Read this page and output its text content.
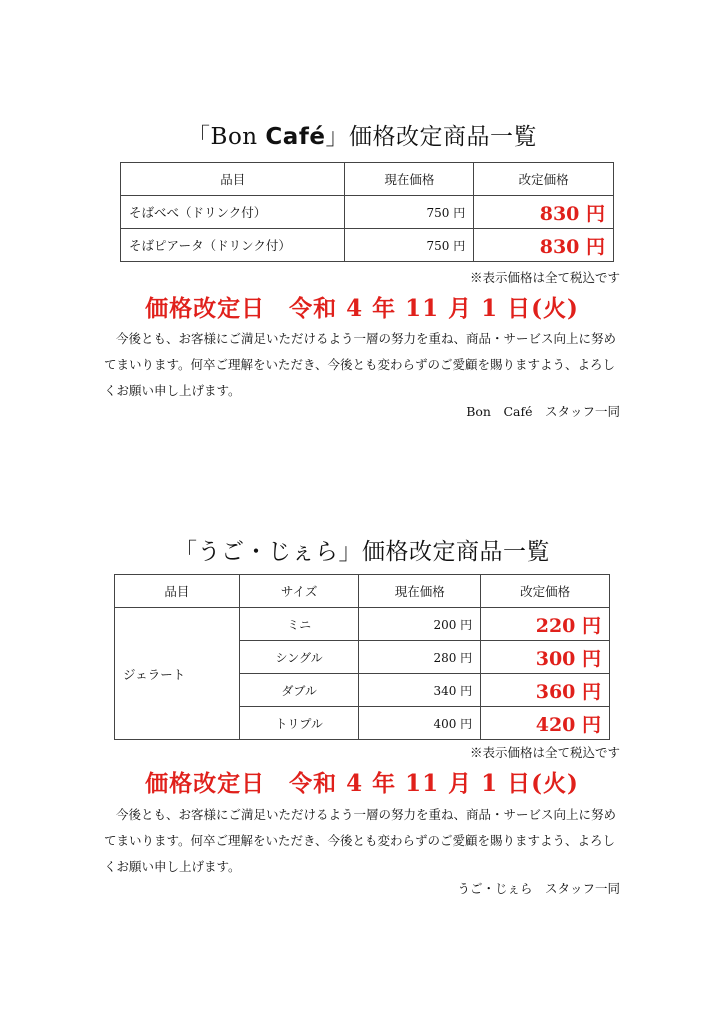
「Bon Café」価格改定商品一覧
品目	現在価格	改定価格
そばべべ（ドリンク付）	750 円	830 円
そばピアータ（ドリンク付）	750 円	830 円
※表示価格は全て税込です
価格改定日　令和 4 年 11 月 1 日(火)

今後とも、お客様にご満足いただけるよう一層の努力を重ね、商品・サービス向上に努めてまいります。何卒ご理解をいただき、今後とも変わらずのご愛顧を賜りますよう、よろしくお願い申し上げます。

Bon　Café　スタッフ一同
「うご・じぇら」価格改定商品一覧
品目	サイズ	現在価格	改定価格
ジェラート	ミニ	200 円	220 円
	シングル	280 円	300 円
	ダブル	340 円	360 円
	トリプル	400 円	420 円
※表示価格は全て税込です
価格改定日　令和 4 年 11 月 1 日(火)

今後とも、お客様にご満足いただけるよう一層の努力を重ね、商品・サービス向上に努めてまいります。何卒ご理解をいただき、今後とも変わらずのご愛顧を賜りますよう、よろしくお願い申し上げます。

うご・じぇら　スタッフ一同
